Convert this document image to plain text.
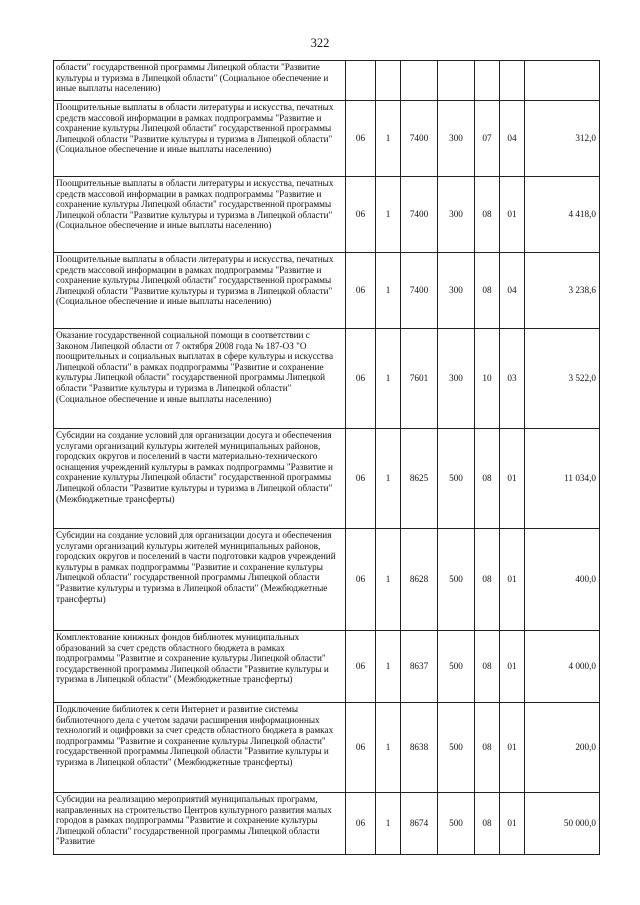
322
области" государственной программы Липецкой области "Развитие культуры и туризма в Липецкой области" (Социальное обеспечение и иные выплаты населению)							
Поощрительные выплаты в области литературы и искусства, печатных средств массовой информации в рамках подпрограммы "Развитие и сохранение культуры Липецкой области" государственной программы Липецкой области "Развитие культуры и туризма в Липецкой области" (Социальное обеспечение и иные выплаты населению)	06	1	7400	300	07	04	312,0
Поощрительные выплаты в области литературы и искусства, печатных средств массовой информации в рамках подпрограммы "Развитие и сохранение культуры Липецкой области" государственной программы Липецкой области "Развитие культуры и туризма в Липецкой области" (Социальное обеспечение и иные выплаты населению)	06	1	7400	300	08	01	4 418,0
Поощрительные выплаты в области литературы и искусства, печатных средств массовой информации в рамках подпрограммы "Развитие и сохранение культуры Липецкой области" государственной программы Липецкой области "Развитие культуры и туризма в Липецкой области" (Социальное обеспечение и иные выплаты населению)	06	1	7400	300	08	04	3 238,6
Оказание государственной социальной помощи в соответствии с Законом Липецкой области от 7 октября 2008 года № 187-ОЗ "О поощрительных и социальных выплатах в сфере культуры и искусства Липецкой области" в рамках подпрограммы "Развитие и сохранение культуры Липецкой области" государственной программы Липецкой области "Развитие культуры и туризма в Липецкой области" (Социальное обеспечение и иные выплаты населению)	06	1	7601	300	10	03	3 522,0
Субсидии на создание условий для организации досуга и обеспечения услугами организаций культуры жителей муниципальных районов, городских округов и поселений в части материально-технического оснащения учреждений культуры в рамках подпрограммы "Развитие и сохранение культуры Липецкой области" государственной программы Липецкой области "Развитие культуры и туризма в Липецкой области" (Межбюджетные трансферты)	06	1	8625	500	08	01	11 034,0
Субсидии на создание условий для организации досуга и обеспечения услугами организаций культуры жителей муниципальных районов, городских округов и поселений в части подготовки кадров учреждений культуры в рамках подпрограммы "Развитие и сохранение культуры Липецкой области" государственной программы Липецкой области "Развитие культуры и туризма в Липецкой области" (Межбюджетные трансферты)	06	1	8628	500	08	01	400,0
Комплектование книжных фондов библиотек муниципальных образований за счет средств областного бюджета в рамках подпрограммы "Развитие и сохранение культуры Липецкой области" государственной программы Липецкой области "Развитие культуры и туризма в Липецкой области" (Межбюджетные трансферты)	06	1	8637	500	08	01	4 000,0
Подключение библиотек к сети Интернет и развитие системы библиотечного дела с учетом задачи расширения информационных технологий и оцифровки за счет средств областного бюджета в рамках подпрограммы "Развитие и сохранение культуры Липецкой области" государственной программы Липецкой области "Развитие культуры и туризма в Липецкой области" (Межбюджетные трансферты)	06	1	8638	500	08	01	200,0
Субсидии на реализацию мероприятий муниципальных программ, направленных на строительство Центров культурного развития малых городов в рамках подпрограммы "Развитие и сохранение культуры Липецкой области" государственной программы Липецкой области "Развитие	06	1	8674	500	08	01	50 000,0
